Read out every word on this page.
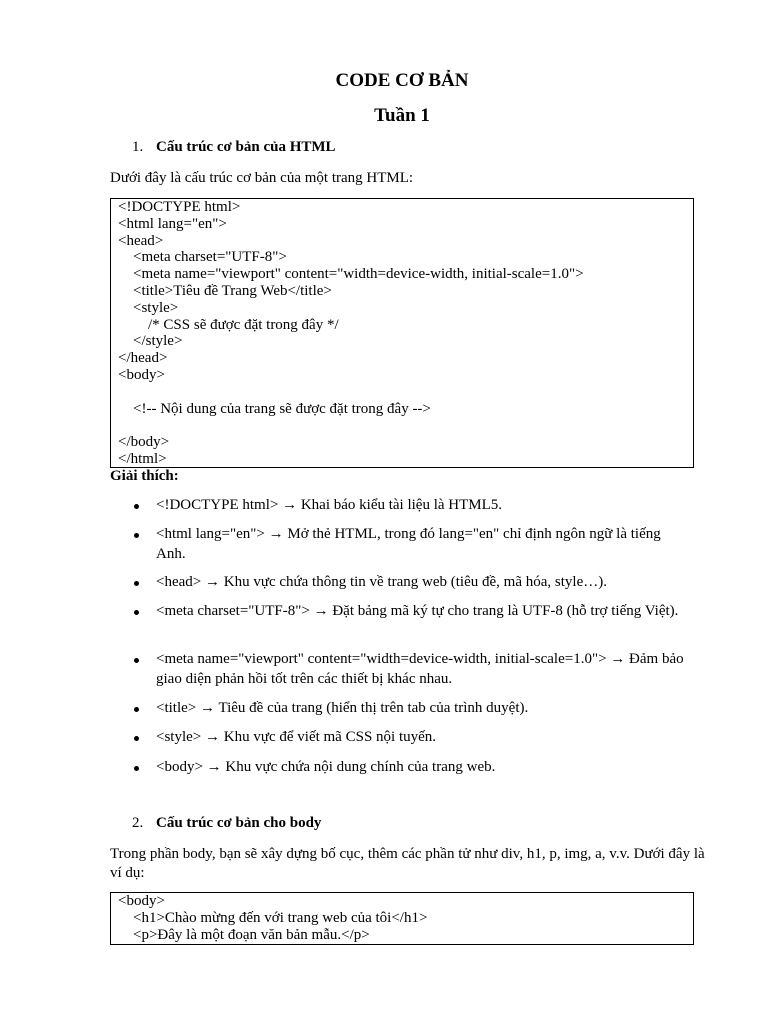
CODE CƠ BẢN
Tuần 1
1. Cấu trúc cơ bản của HTML
Dưới đây là cấu trúc cơ bản của một trang HTML:
<!DOCTYPE html>
<html lang="en">
<head>
<meta charset="UTF-8">
<meta name="viewport" content="width=device-width, initial-scale=1.0">
<title>Tiêu đề Trang Web</title>
<style>
/* CSS sẽ được đặt trong đây */
</style>
</head>
<body>
<!-- Nội dung của trang sẽ được đặt trong đây -->
</body>
</html>
Giải thích:
<!DOCTYPE html> → Khai báo kiểu tài liệu là HTML5.
<html lang="en"> → Mở thẻ HTML, trong đó lang="en" chỉ định ngôn ngữ là tiếng Anh.
<head> → Khu vực chứa thông tin về trang web (tiêu đề, mã hóa, style…).
<meta charset="UTF-8"> → Đặt bảng mã ký tự cho trang là UTF-8 (hỗ trợ tiếng Việt).
<meta name="viewport" content="width=device-width, initial-scale=1.0"> → Đảm bảo giao diện phản hồi tốt trên các thiết bị khác nhau.
<title> → Tiêu đề của trang (hiển thị trên tab của trình duyệt).
<style> → Khu vực để viết mã CSS nội tuyến.
<body> → Khu vực chứa nội dung chính của trang web.
2. Cấu trúc cơ bản cho body
Trong phần body, bạn sẽ xây dựng bố cục, thêm các phần tử như div, h1, p, img, a, v.v. Dưới đây là ví dụ:
<body>
<h1>Chào mừng đến với trang web của tôi</h1>
<p>Đây là một đoạn văn bản mẫu.</p>
